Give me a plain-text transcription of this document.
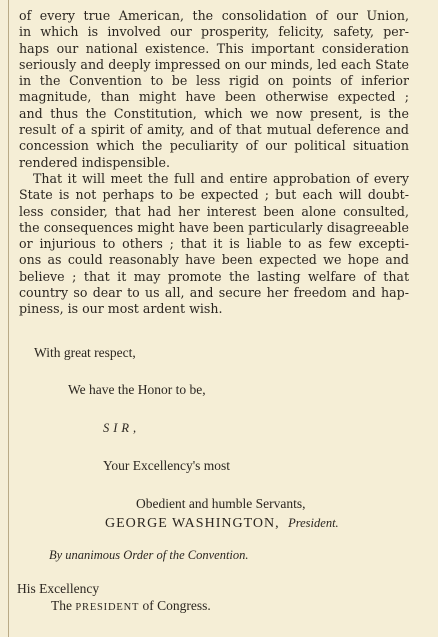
of every true American, the consolidation of our Union,
in which is involved our prosperity, felicity, safety, per-
haps our national existence. This important consideration
seriously and deeply impressed on our minds, led each State
in the Convention to be less rigid on points of inferior
magnitude, than might have been otherwise expected ;
and thus the Constitution, which we now present, is the
result of a spirit of amity, and of that mutual deference and
concession which the peculiarity of our political situation
rendered indispensible.
That it will meet the full and entire approbation of every
State is not perhaps to be expected ; but each will doubt-
less consider, that had her interest been alone consulted,
the consequences might have been particularly disagreeable
or injurious to others ; that it is liable to as few excepti-
ons as could reasonably have been expected we hope and
believe ; that it may promote the lasting welfare of that
country so dear to us all, and secure her freedom and hap-
piness, is our most ardent wish.
With great respect,
We have the Honor to be,
SIR,
Your Excellency's most
Obedient and humble Servants,
GEORGE WASHINGTON, President.
By unanimous Order of the Convention.
His Excellency
The PRESIDENT of Congress.
